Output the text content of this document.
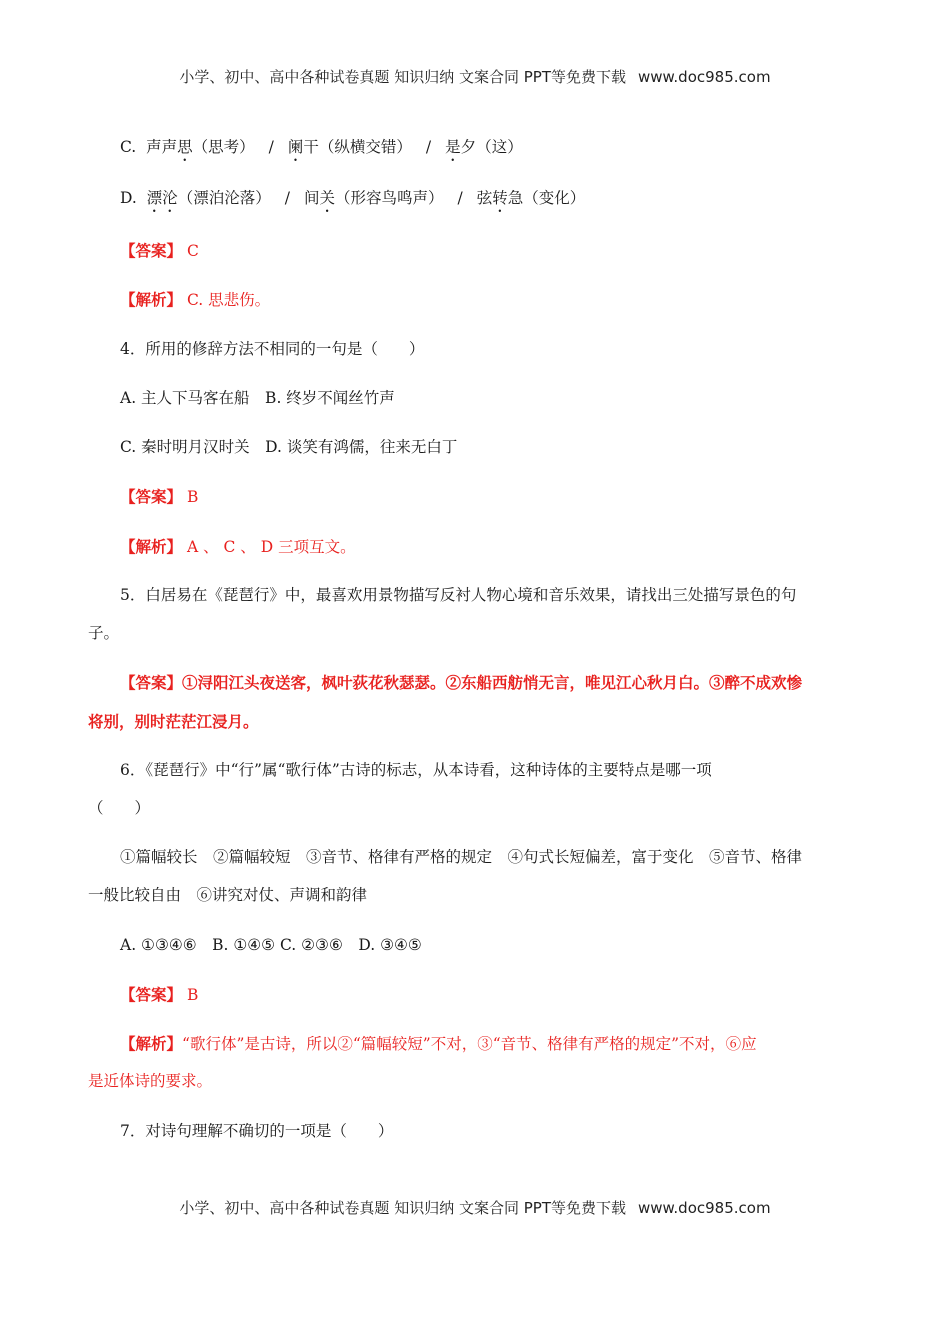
小学、初中、高中各种试卷真题 知识归纳 文案合同 PPT等免费下载 www.doc985.com
C. 声声思（思考） / 阑干（纵横交错） / 是夕（这）
D. 漂沦（漂泊沦落） / 间关（形容鸟鸣声） / 弦转急（变化）
【答案】 C
【解析】 C. 思悲伤。
4．所用的修辞方法不相同的一句是（　　）
A. 主人下马客在船　B. 终岁不闻丝竹声
C. 秦时明月汉时关　D. 谈笑有鸿儒，往来无白丁
【答案】 B
【解析】 A 、 C 、 D 三项互文。
5．白居易在《琵琶行》中，最喜欢用景物描写反衬人物心境和音乐效果，请找出三处描写景色的句
子。
【答案】①浔阳江头夜送客，枫叶荻花秋瑟瑟。②东船西舫悄无言，唯见江心秋月白。③醉不成欢惨
将别，别时茫茫江浸月。
6．《琵琶行》中“行”属“歌行体”古诗的标志，从本诗看，这种诗体的主要特点是哪一项
（　　）
①篇幅较长　②篇幅较短　③音节、格律有严格的规定　④句式长短偏差，富于变化　⑤音节、格律
一般比较自由　⑥讲究对仗、声调和韵律
A. ①③④⑥　B. ①④⑤ C. ②③⑥　D. ③④⑤
【答案】 B
【解析】“歌行体”是古诗，所以②“篇幅较短”不对，③“音节、格律有严格的规定”不对，⑥应
是近体诗的要求。
7．对诗句理解不确切的一项是（　　）
小学、初中、高中各种试卷真题 知识归纳 文案合同 PPT等免费下载 www.doc985.com
